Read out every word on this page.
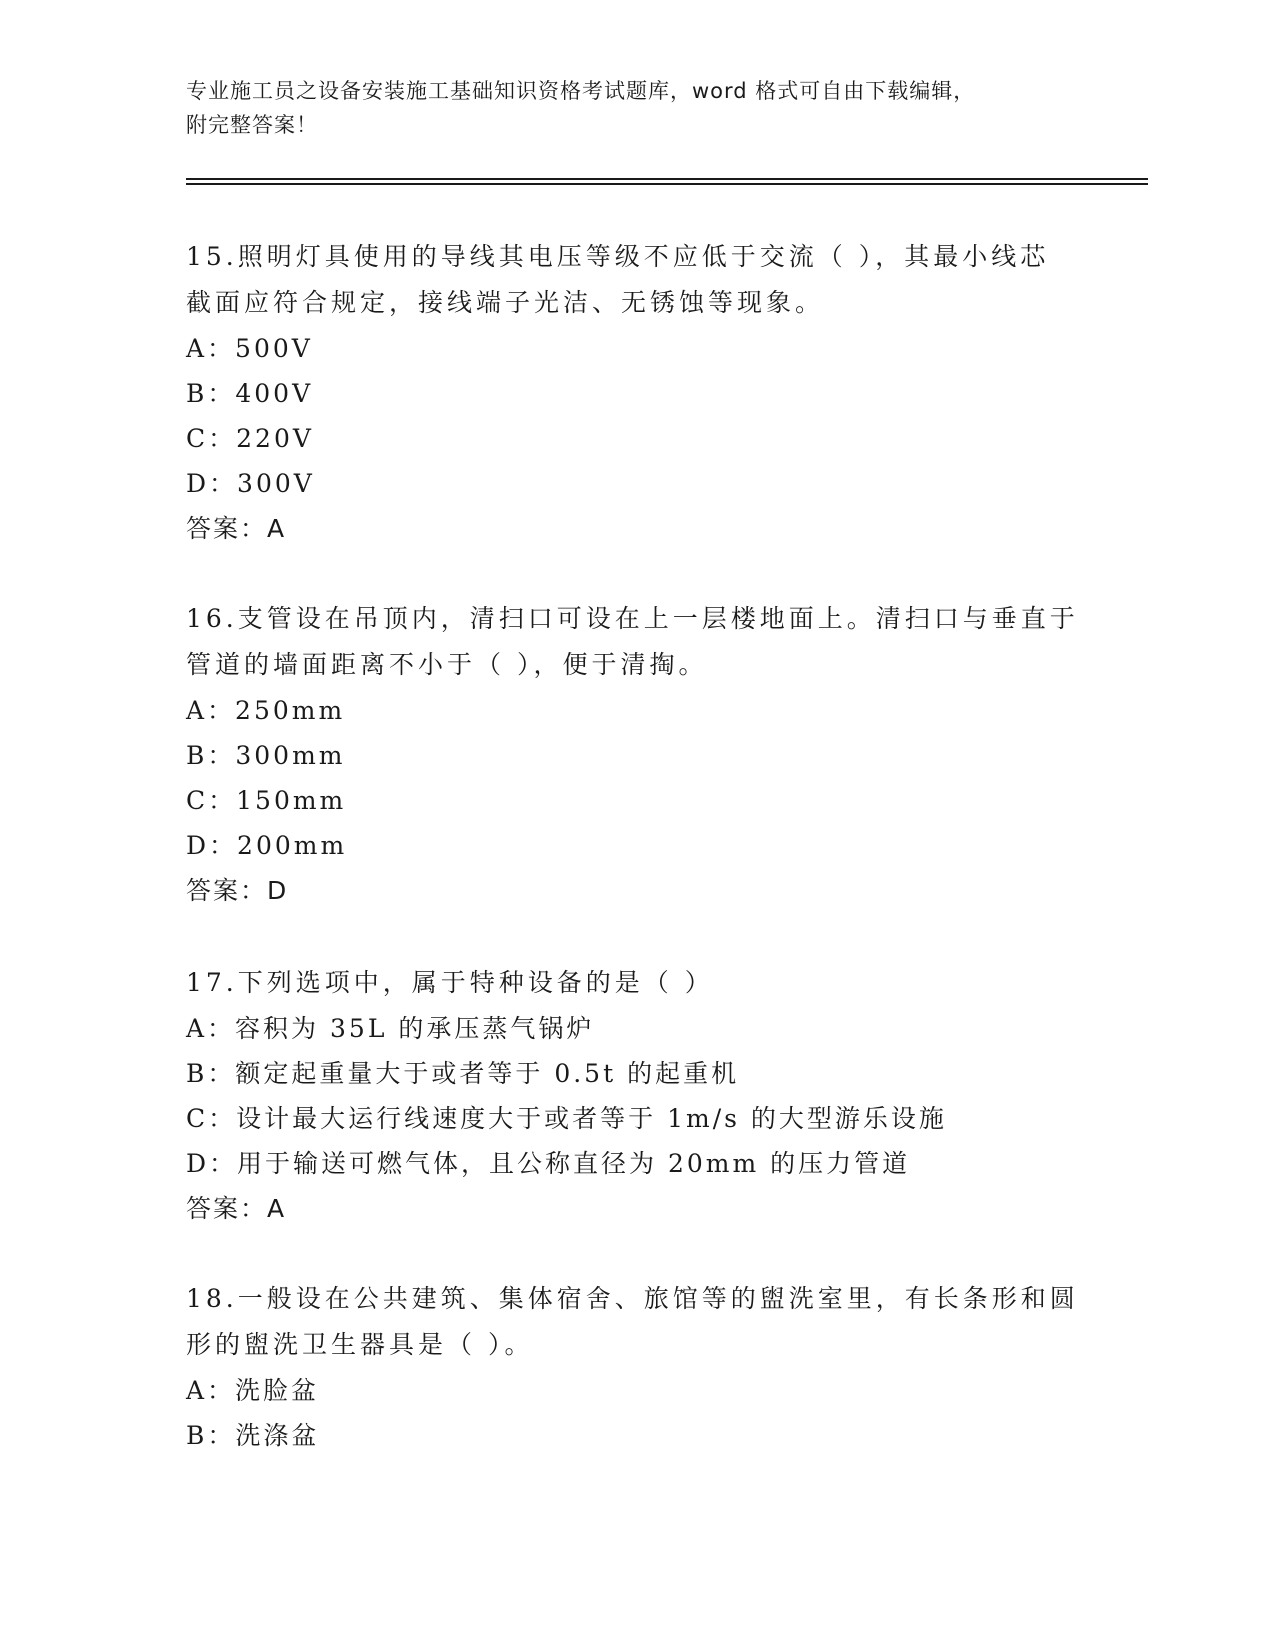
专业施工员之设备安装施工基础知识资格考试题库，word 格式可自由下载编辑，
附完整答案！

15.照明灯具使用的导线其电压等级不应低于交流（ ），其最小线芯

截面应符合规定，接线端子光洁、无锈蚀等现象。

A：500V

B：400V

C：220V

D：300V

答案：A

16.支管设在吊顶内，清扫口可设在上一层楼地面上。清扫口与垂直于

管道的墙面距离不小于（ ），便于清掏。

A：250mm

B：300mm

C：150mm

D：200mm

答案：D

17.下列选项中，属于特种设备的是（ ）

A：容积为 35L 的承压蒸气锅炉

B：额定起重量大于或者等于 0.5t 的起重机

C：设计最大运行线速度大于或者等于 1m/s 的大型游乐设施

D：用于输送可燃气体，且公称直径为 20mm 的压力管道

答案：A

18.一般设在公共建筑、集体宿舍、旅馆等的盥洗室里，有长条形和圆

形的盥洗卫生器具是（ ）。

A：洗脸盆

B：洗涤盆
